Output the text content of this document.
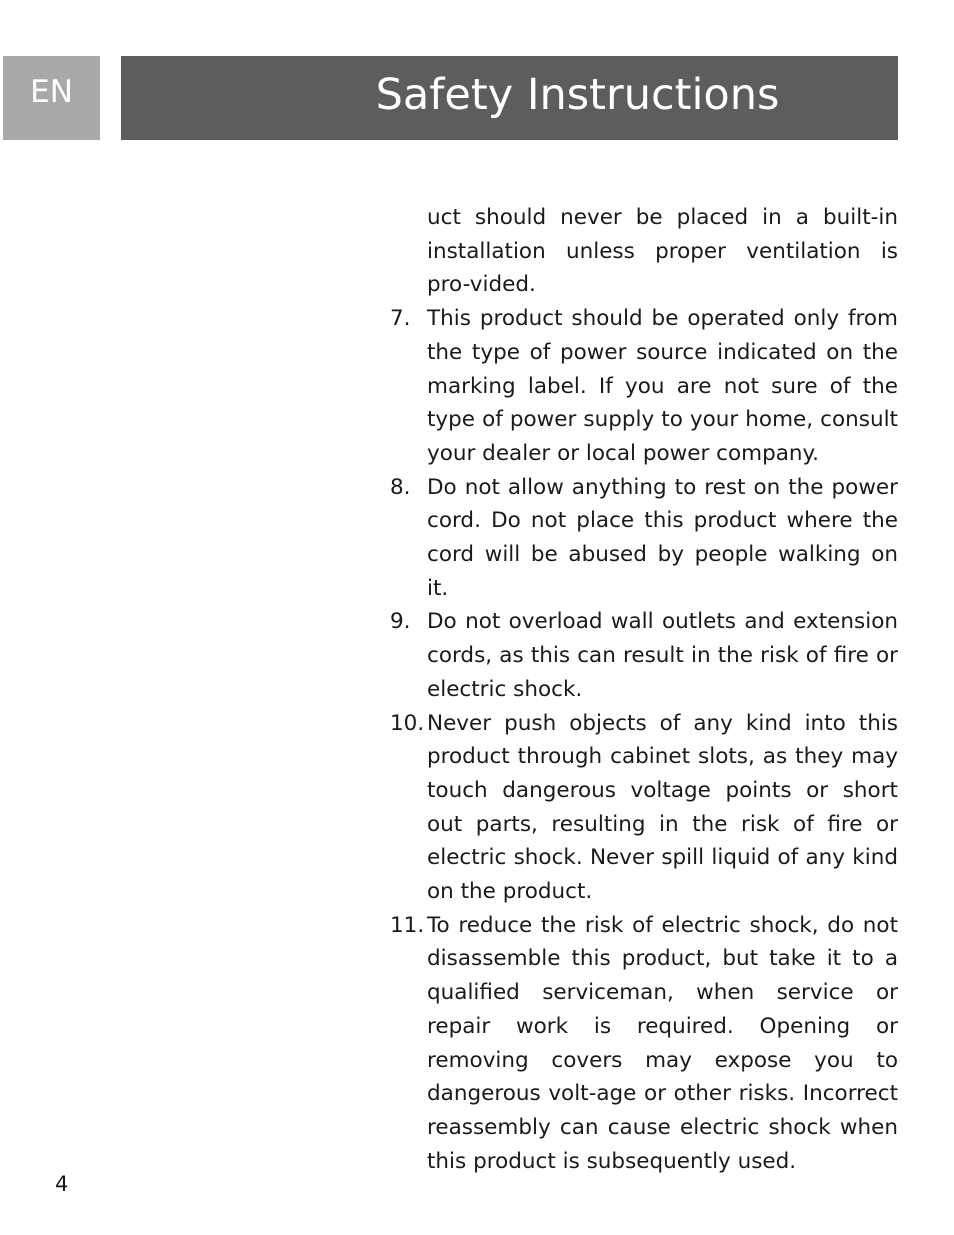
EN	Safety Instructions
uct should never be placed in a built-in installation unless proper ventilation is pro-vided.
7. This product should be operated only from the type of power source indicated on the marking label. If you are not sure of the type of power supply to your home, consult your dealer or local power company.
8. Do not allow anything to rest on the power cord. Do not place this product where the cord will be abused by people walking on it.
9. Do not overload wall outlets and extension cords, as this can result in the risk of fire or electric shock.
10. Never push objects of any kind into this product through cabinet slots, as they may touch dangerous voltage points or short out parts, resulting in the risk of fire or electric shock. Never spill liquid of any kind on the product.
11. To reduce the risk of electric shock, do not disassemble this product, but take it to a qualified serviceman, when service or repair work is required. Opening or removing covers may expose you to dangerous volt-age or other risks. Incorrect reassembly can cause electric shock when this product is subsequently used.
4
